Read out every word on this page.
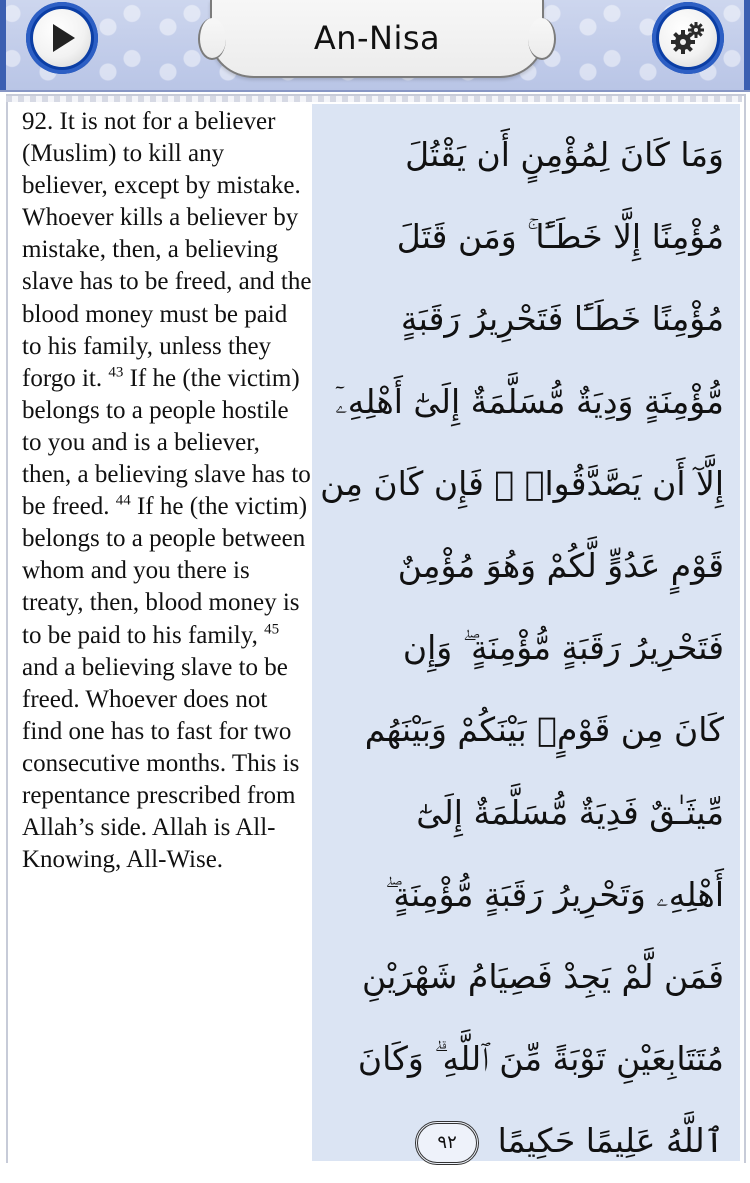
An-Nisa
92. It is not for a believer (Muslim) to kill any believer, except by mistake. Whoever kills a believer by mistake, then, a believing slave has to be freed, and the blood money must be paid to his family, unless they forgo it. $^{43}$ If he (the victim) belongs to a people hostile to you and is a believer, then, a believing slave has to be freed. $^{44}$ If he (the victim) belongs to a people between whom and you there is treaty, then, blood money is to be paid to his family, $^{45}$ and a believing slave to be freed. Whoever does not find one has to fast for two consecutive months. This is repentance prescribed from Allah’s side. Allah is All-Knowing, All-Wise.
وَمَا كَانَ لِمُؤْمِنٍ أَن يَقْتُلَ
مُؤْمِنًا إِلَّا خَطَـًٔا ۚ وَمَن قَتَلَ
مُؤْمِنًا خَطَـًٔا فَتَحْرِيرُ رَقَبَةٍ
مُّؤْمِنَةٍ وَدِيَةٌ مُّسَلَّمَةٌ إِلَىٰٓ أَهْلِهِۦٓ
إِلَّآ أَن يَصَّدَّقُوا۟ ۚ فَإِن كَانَ مِن
قَوْمٍ عَدُوٍّ لَّكُمْ وَهُوَ مُؤْمِنٌ
فَتَحْرِيرُ رَقَبَةٍ مُّؤْمِنَةٍ ۖ وَإِن
كَانَ مِن قَوْمٍۭ بَيْنَكُمْ وَبَيْنَهُم
مِّيثَـٰقٌ فَدِيَةٌ مُّسَلَّمَةٌ إِلَىٰٓ
أَهْلِهِۦ وَتَحْرِيرُ رَقَبَةٍ مُّؤْمِنَةٍ ۖ
فَمَن لَّمْ يَجِدْ فَصِيَامُ شَهْرَيْنِ
مُتَتَابِعَيْنِ تَوْبَةً مِّنَ ٱللَّهِ ۗ وَكَانَ
ٱللَّهُ عَلِيمًا حَكِيمًا ٩٢
